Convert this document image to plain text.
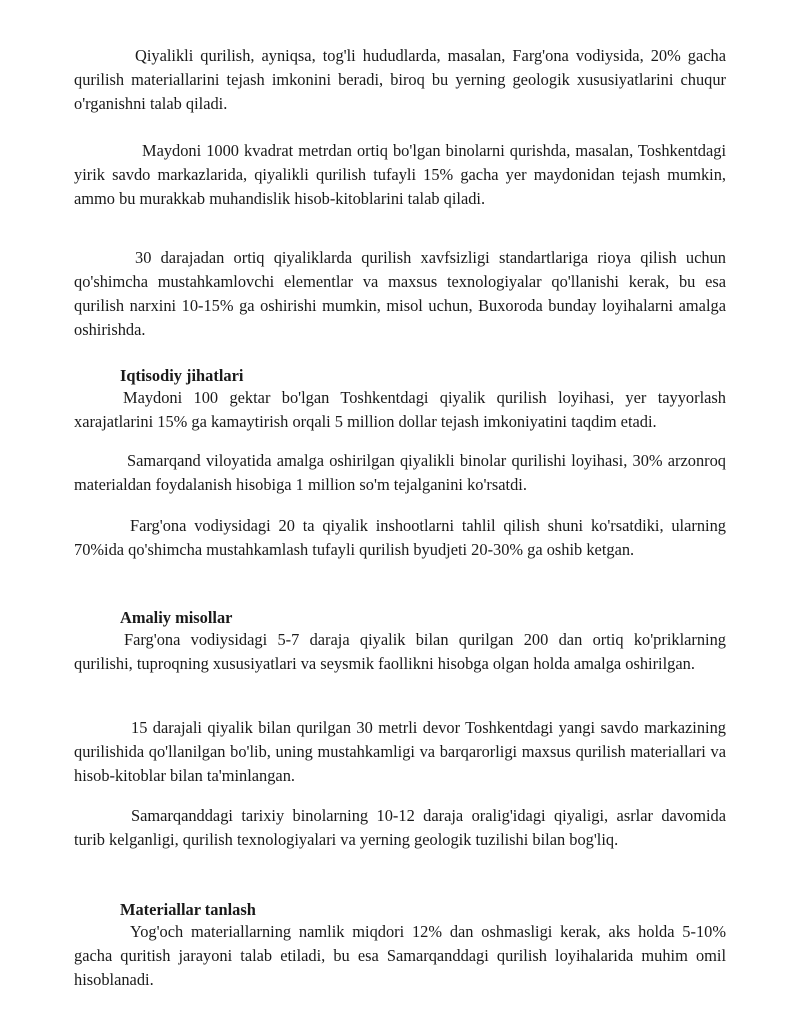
Qiyalikli qurilish, ayniqsa, tog'li hududlarda, masalan, Farg'ona vodiysida, 20% gacha qurilish materiallarini tejash imkonini beradi, biroq bu yerning geologik xususiyatlarini chuqur o'rganishni talab qiladi.

Maydoni 1000 kvadrat metrdan ortiq bo'lgan binolarni qurishda, masalan, Toshkentdagi yirik savdo markazlarida, qiyalikli qurilish tufayli 15% gacha yer maydonidan tejash mumkin, ammo bu murakkab muhandislik hisob-kitoblarini talab qiladi.

30 darajadan ortiq qiyaliklarda qurilish xavfsizligi standartlariga rioya qilish uchun qo'shimcha mustahkamlovchi elementlar va maxsus texnologiyalar qo'llanishi kerak, bu esa qurilish narxini 10-15% ga oshirishi mumkin, misol uchun, Buxoroda bunday loyihalarni amalga oshirishda.

Iqtisodiy jihatlari

Maydoni 100 gektar bo'lgan Toshkentdagi qiyalik qurilish loyihasi, yer tayyorlash xarajatlarini 15% ga kamaytirish orqali 5 million dollar tejash imkoniyatini taqdim etadi.

Samarqand viloyatida amalga oshirilgan qiyalikli binolar qurilishi loyihasi, 30% arzonroq materialdan foydalanish hisobiga 1 million so'm tejalganini ko'rsatdi.

Farg'ona vodiysidagi 20 ta qiyalik inshootlarni tahlil qilish shuni ko'rsatdiki, ularning 70%ida qo'shimcha mustahkamlash tufayli qurilish byudjeti 20-30% ga oshib ketgan.

Amaliy misollar

Farg'ona vodiysidagi 5-7 daraja qiyalik bilan qurilgan 200 dan ortiq ko'priklarning qurilishi, tuproqning xususiyatlari va seysmik faollikni hisobga olgan holda amalga oshirilgan.

15 darajali qiyalik bilan qurilgan 30 metrli devor Toshkentdagi yangi savdo markazining qurilishida qo'llanilgan bo'lib, uning mustahkamligi va barqarorligi maxsus qurilish materiallari va hisob-kitoblar bilan ta'minlangan.

Samarqanddagi tarixiy binolarning 10-12 daraja oralig'idagi qiyaligi, asrlar davomida turib kelganligi, qurilish texnologiyalari va yerning geologik tuzilishi bilan bog'liq.

Materiallar tanlash

Yog'och materiallarning namlik miqdori 12% dan oshmasligi kerak, aks holda 5-10% gacha quritish jarayoni talab etiladi, bu esa Samarqanddagi qurilish loyihalarida muhim omil hisoblanadi.
